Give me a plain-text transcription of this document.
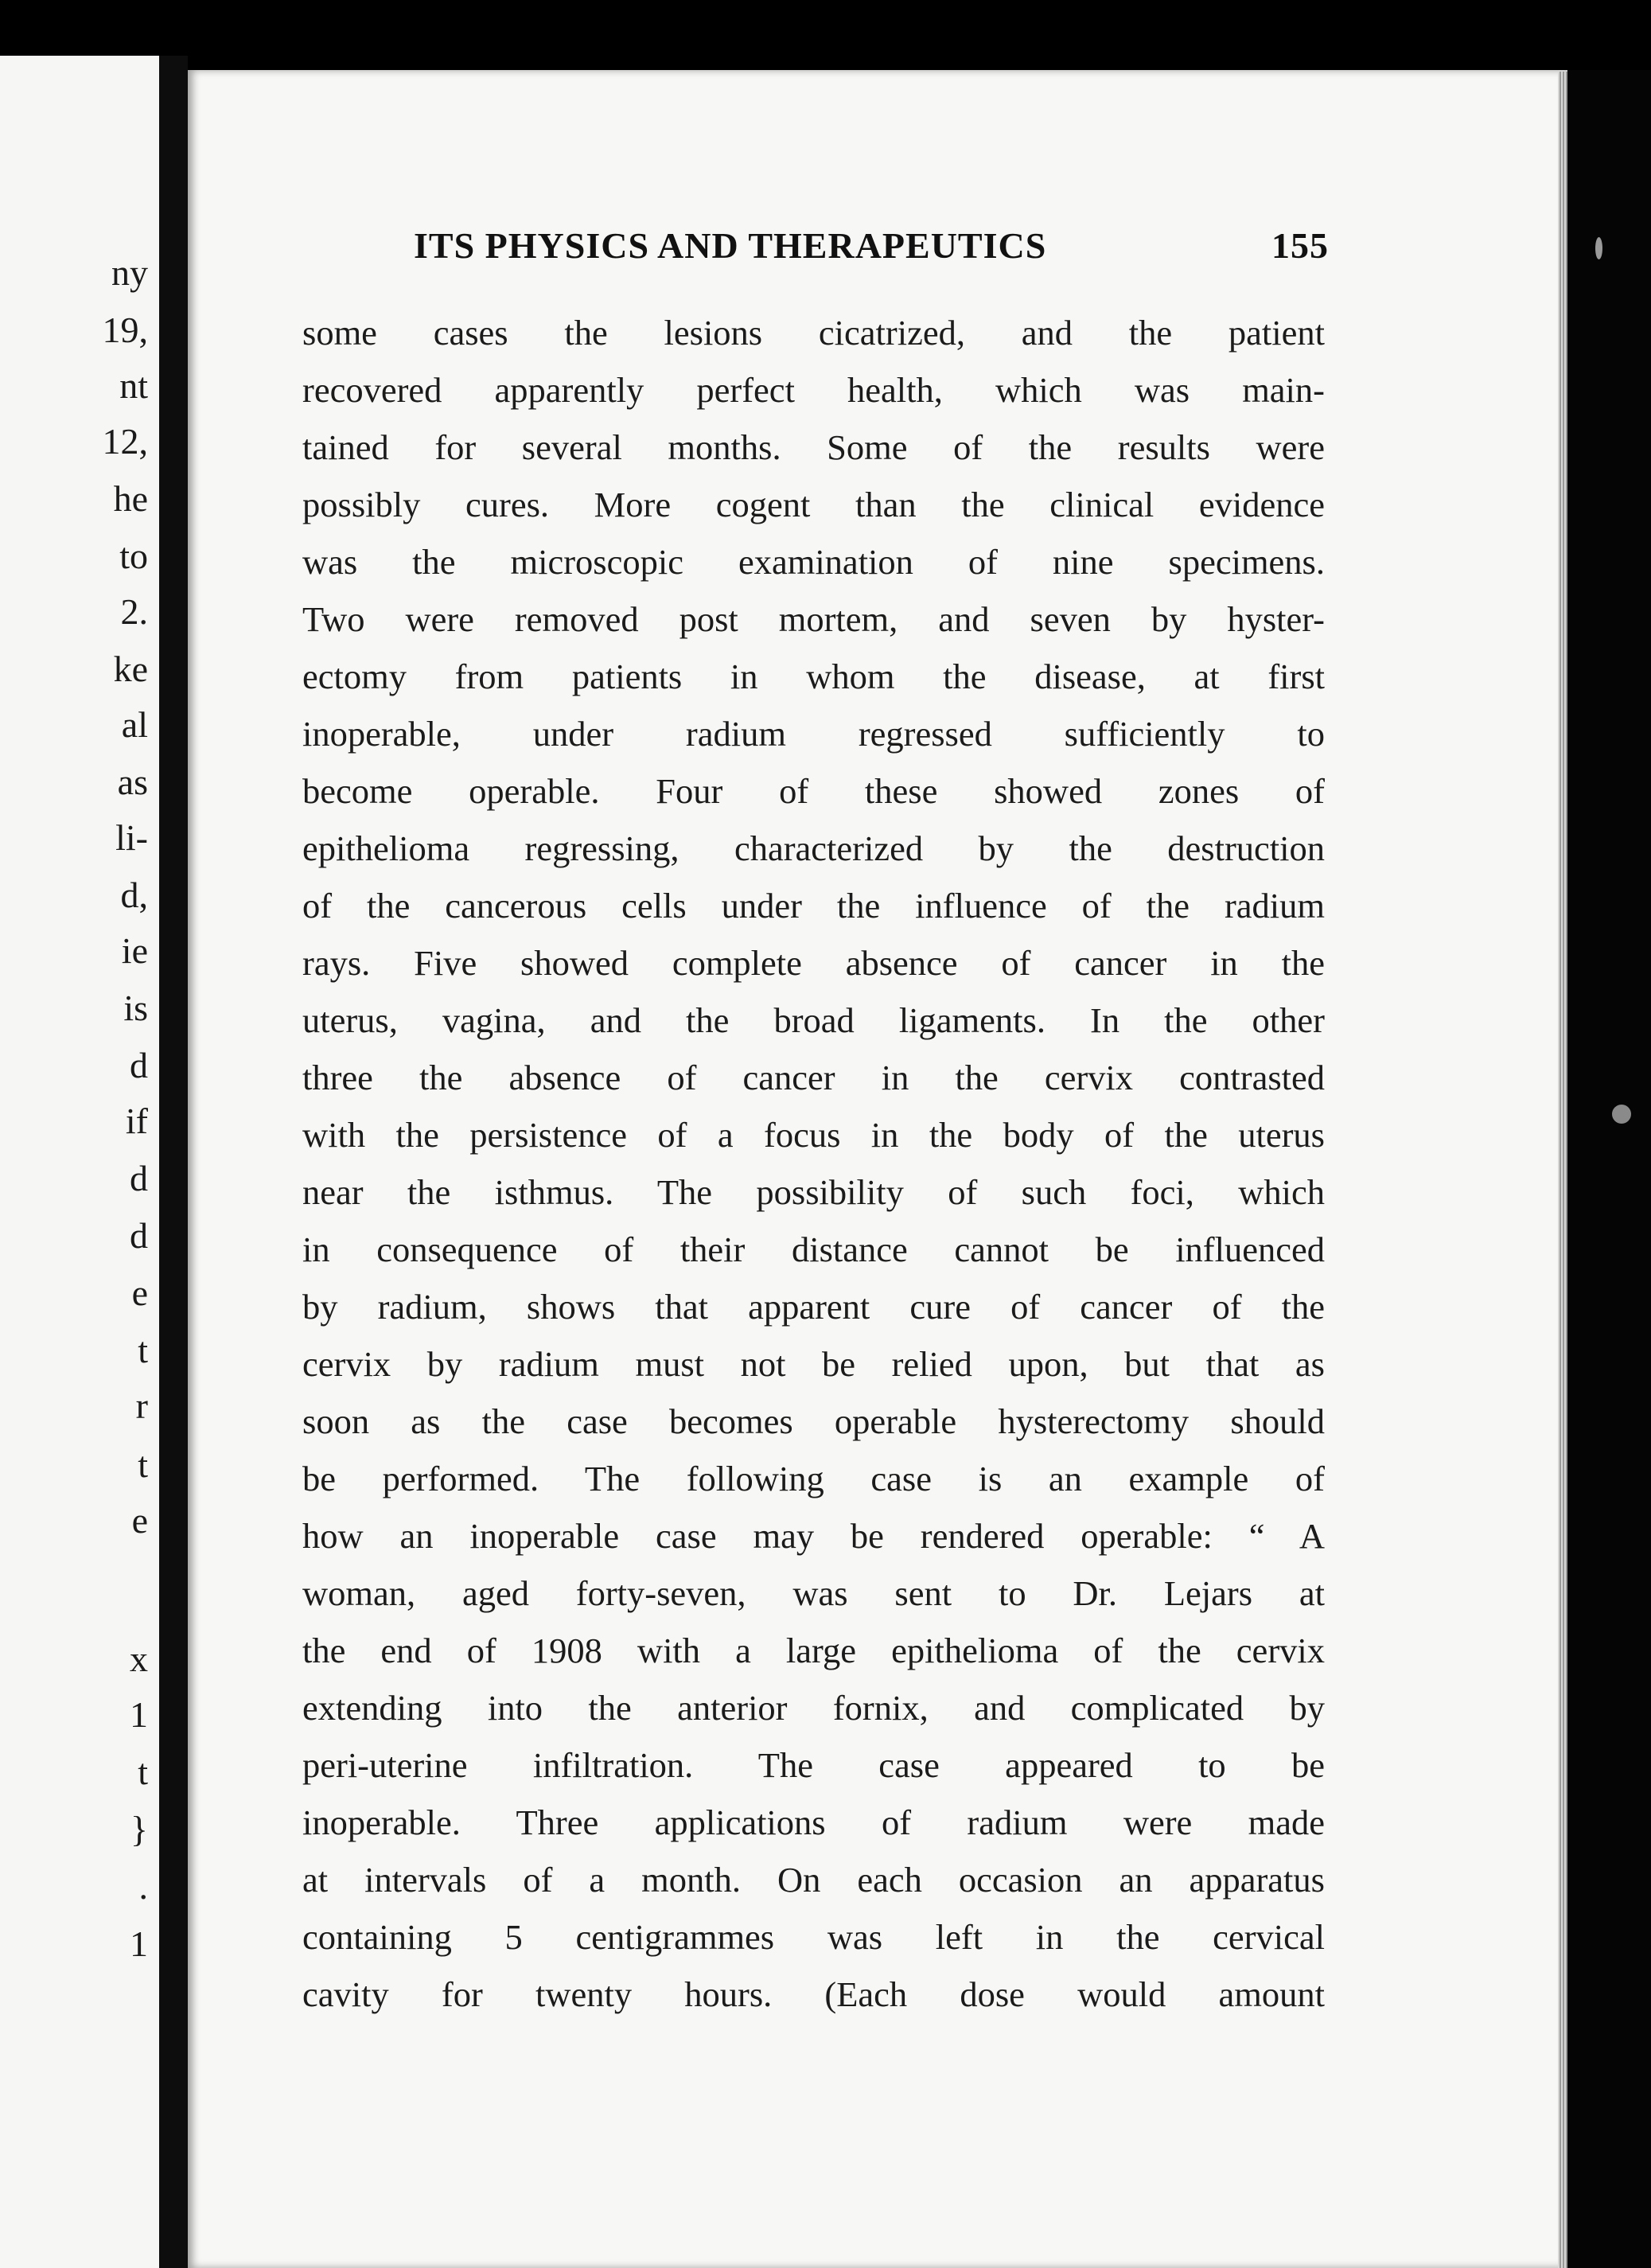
ny
19,
nt
12,
he
to
2.
ke
al
as
li-
d,
ie
is
d
if
d
d
e
t
r
t
e
x
1
t
}
.
1
ITS PHYSICS AND THERAPEUTICS	155
some cases the lesions cicatrized, and the patient
recovered apparently perfect health, which was main-
tained for several months. Some of the results were
possibly cures. More cogent than the clinical evidence
was the microscopic examination of nine specimens.
Two were removed post mortem, and seven by hyster-
ectomy from patients in whom the disease, at first
inoperable, under radium regressed sufficiently to
become operable. Four of these showed zones of
epithelioma regressing, characterized by the destruction
of the cancerous cells under the influence of the radium
rays. Five showed complete absence of cancer in the
uterus, vagina, and the broad ligaments. In the other
three the absence of cancer in the cervix contrasted
with the persistence of a focus in the body of the uterus
near the isthmus. The possibility of such foci, which
in consequence of their distance cannot be influenced
by radium, shows that apparent cure of cancer of the
cervix by radium must not be relied upon, but that as
soon as the case becomes operable hysterectomy should
be performed. The following case is an example of
how an inoperable case may be rendered operable: “ A
woman, aged forty-seven, was sent to Dr. Lejars at
the end of 1908 with a large epithelioma of the cervix
extending into the anterior fornix, and complicated by
peri-uterine infiltration. The case appeared to be
inoperable. Three applications of radium were made
at intervals of a month. On each occasion an apparatus
containing 5 centigrammes was left in the cervical
cavity for twenty hours. (Each dose would amount
